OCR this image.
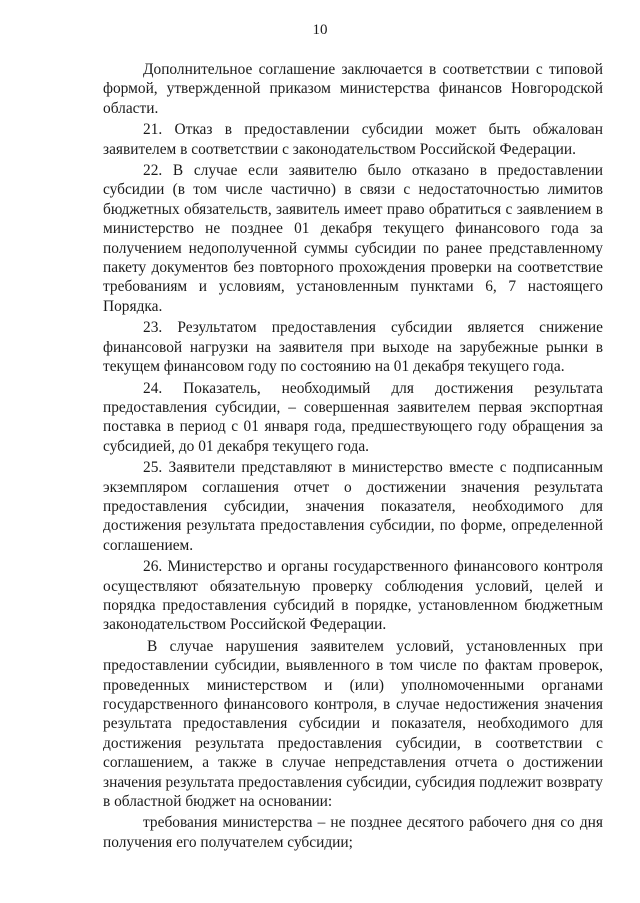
10

Дополнительное соглашение заключается в соответствии с типовой формой, утвержденной приказом министерства финансов Новгородской области.

21. Отказ в предоставлении субсидии может быть обжалован заявителем в соответствии с законодательством Российской Федерации.

22. В случае если заявителю было отказано в предоставлении субсидии (в том числе частично) в связи с недостаточностью лимитов бюджетных обязательств, заявитель имеет право обратиться с заявлением в министерство не позднее 01 декабря текущего финансового года за получением недополученной суммы субсидии по ранее представленному пакету документов без повторного прохождения проверки на соответствие требованиям и условиям, установленным пунктами 6, 7 настоящего Порядка.

23. Результатом предоставления субсидии является снижение финансовой нагрузки на заявителя при выходе на зарубежные рынки в текущем финансовом году по состоянию на 01 декабря текущего года.

24. Показатель, необходимый для достижения результата предоставления субсидии, – совершенная заявителем первая экспортная поставка в период с 01 января года, предшествующего году обращения за субсидией, до 01 декабря текущего года.

25. Заявители представляют в министерство вместе с подписанным экземпляром соглашения отчет о достижении значения результата предоставления субсидии, значения показателя, необходимого для достижения результата предоставления субсидии, по форме, определенной соглашением.

26. Министерство и органы государственного финансового контроля осуществляют обязательную проверку соблюдения условий, целей и порядка предоставления субсидий в порядке, установленном бюджетным законодательством Российской Федерации.

В случае нарушения заявителем условий, установленных при предоставлении субсидии, выявленного в том числе по фактам проверок, проведенных министерством и (или) уполномоченными органами государственного финансового контроля, в случае недостижения значения результата предоставления субсидии и показателя, необходимого для достижения результата предоставления субсидии, в соответствии с соглашением, а также в случае непредставления отчета о достижении значения результата предоставления субсидии, субсидия подлежит возврату в областной бюджет на основании:

требования министерства – не позднее десятого рабочего дня со дня получения его получателем субсидии;
